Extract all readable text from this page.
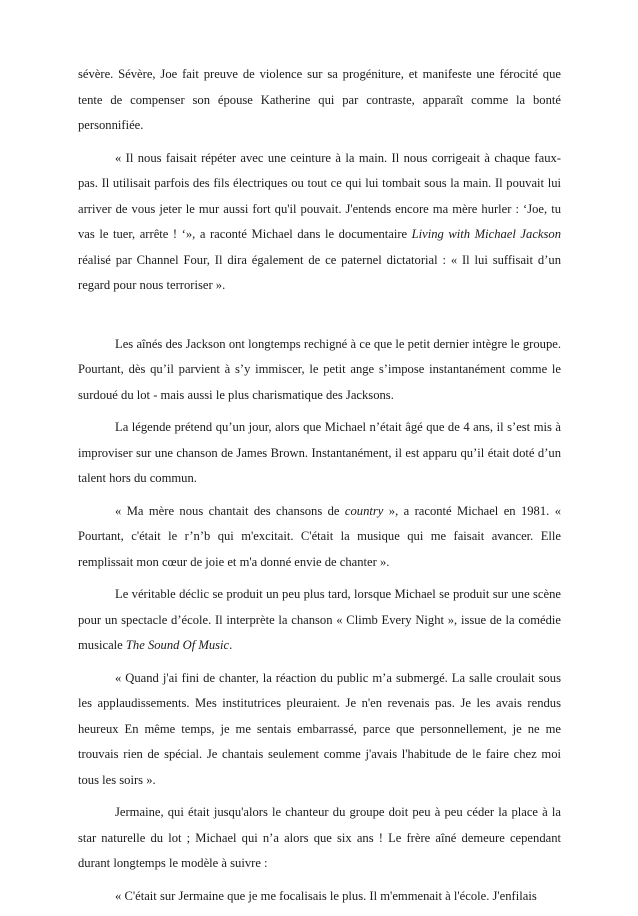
sévère. Sévère, Joe fait preuve de violence sur sa progéniture, et manifeste une férocité que tente de compenser son épouse Katherine qui par contraste, apparaît comme la bonté personnifiée.

« Il nous faisait répéter avec une ceinture à la main. Il nous corrigeait à chaque faux-pas. Il utilisait parfois des fils électriques ou tout ce qui lui tombait sous la main. Il pouvait lui arriver de vous jeter le mur aussi fort qu'il pouvait. J'entends encore ma mère hurler : ‘Joe, tu vas le tuer, arrête ! ‘», a raconté Michael dans le documentaire Living with Michael Jackson réalisé par Channel Four, Il dira également de ce paternel dictatorial : « Il lui suffisait d’un regard pour nous terroriser ».

Les aînés des Jackson ont longtemps rechigné à ce que le petit dernier intègre le groupe. Pourtant, dès qu’il parvient à s’y immiscer, le petit ange s’impose instantanément comme le surdoué du lot - mais aussi le plus charismatique des Jacksons.

La légende prétend qu’un jour, alors que Michael n’était âgé que de 4 ans, il s’est mis à improviser sur une chanson de James Brown. Instantanément, il est apparu qu’il était doté d’un talent hors du commun.

« Ma mère nous chantait des chansons de country », a raconté Michael en 1981. « Pourtant, c'était le r’n’b qui m'excitait. C'était la musique qui me faisait avancer. Elle remplissait mon cœur de joie et m'a donné envie de chanter ».

Le véritable déclic se produit un peu plus tard, lorsque Michael se produit sur une scène pour un spectacle d’école. Il interprète la chanson « Climb Every Night », issue de la comédie musicale The Sound Of Music.

« Quand j'ai fini de chanter, la réaction du public m’a submergé. La salle croulait sous les applaudissements. Mes institutrices pleuraient. Je n'en revenais pas. Je les avais rendus heureux En même temps, je me sentais embarrassé, parce que personnellement, je ne me trouvais rien de spécial. Je chantais seulement comme j'avais l'habitude de le faire chez moi tous les soirs ».

Jermaine, qui était jusqu'alors le chanteur du groupe doit peu à peu céder la place à la star naturelle du lot ; Michael qui n’a alors que six ans ! Le frère aîné demeure cependant durant longtemps le modèle à suivre :

« C'était sur Jermaine que je me focalisais le plus. Il m'emmenait à l'école. J'enfilais
